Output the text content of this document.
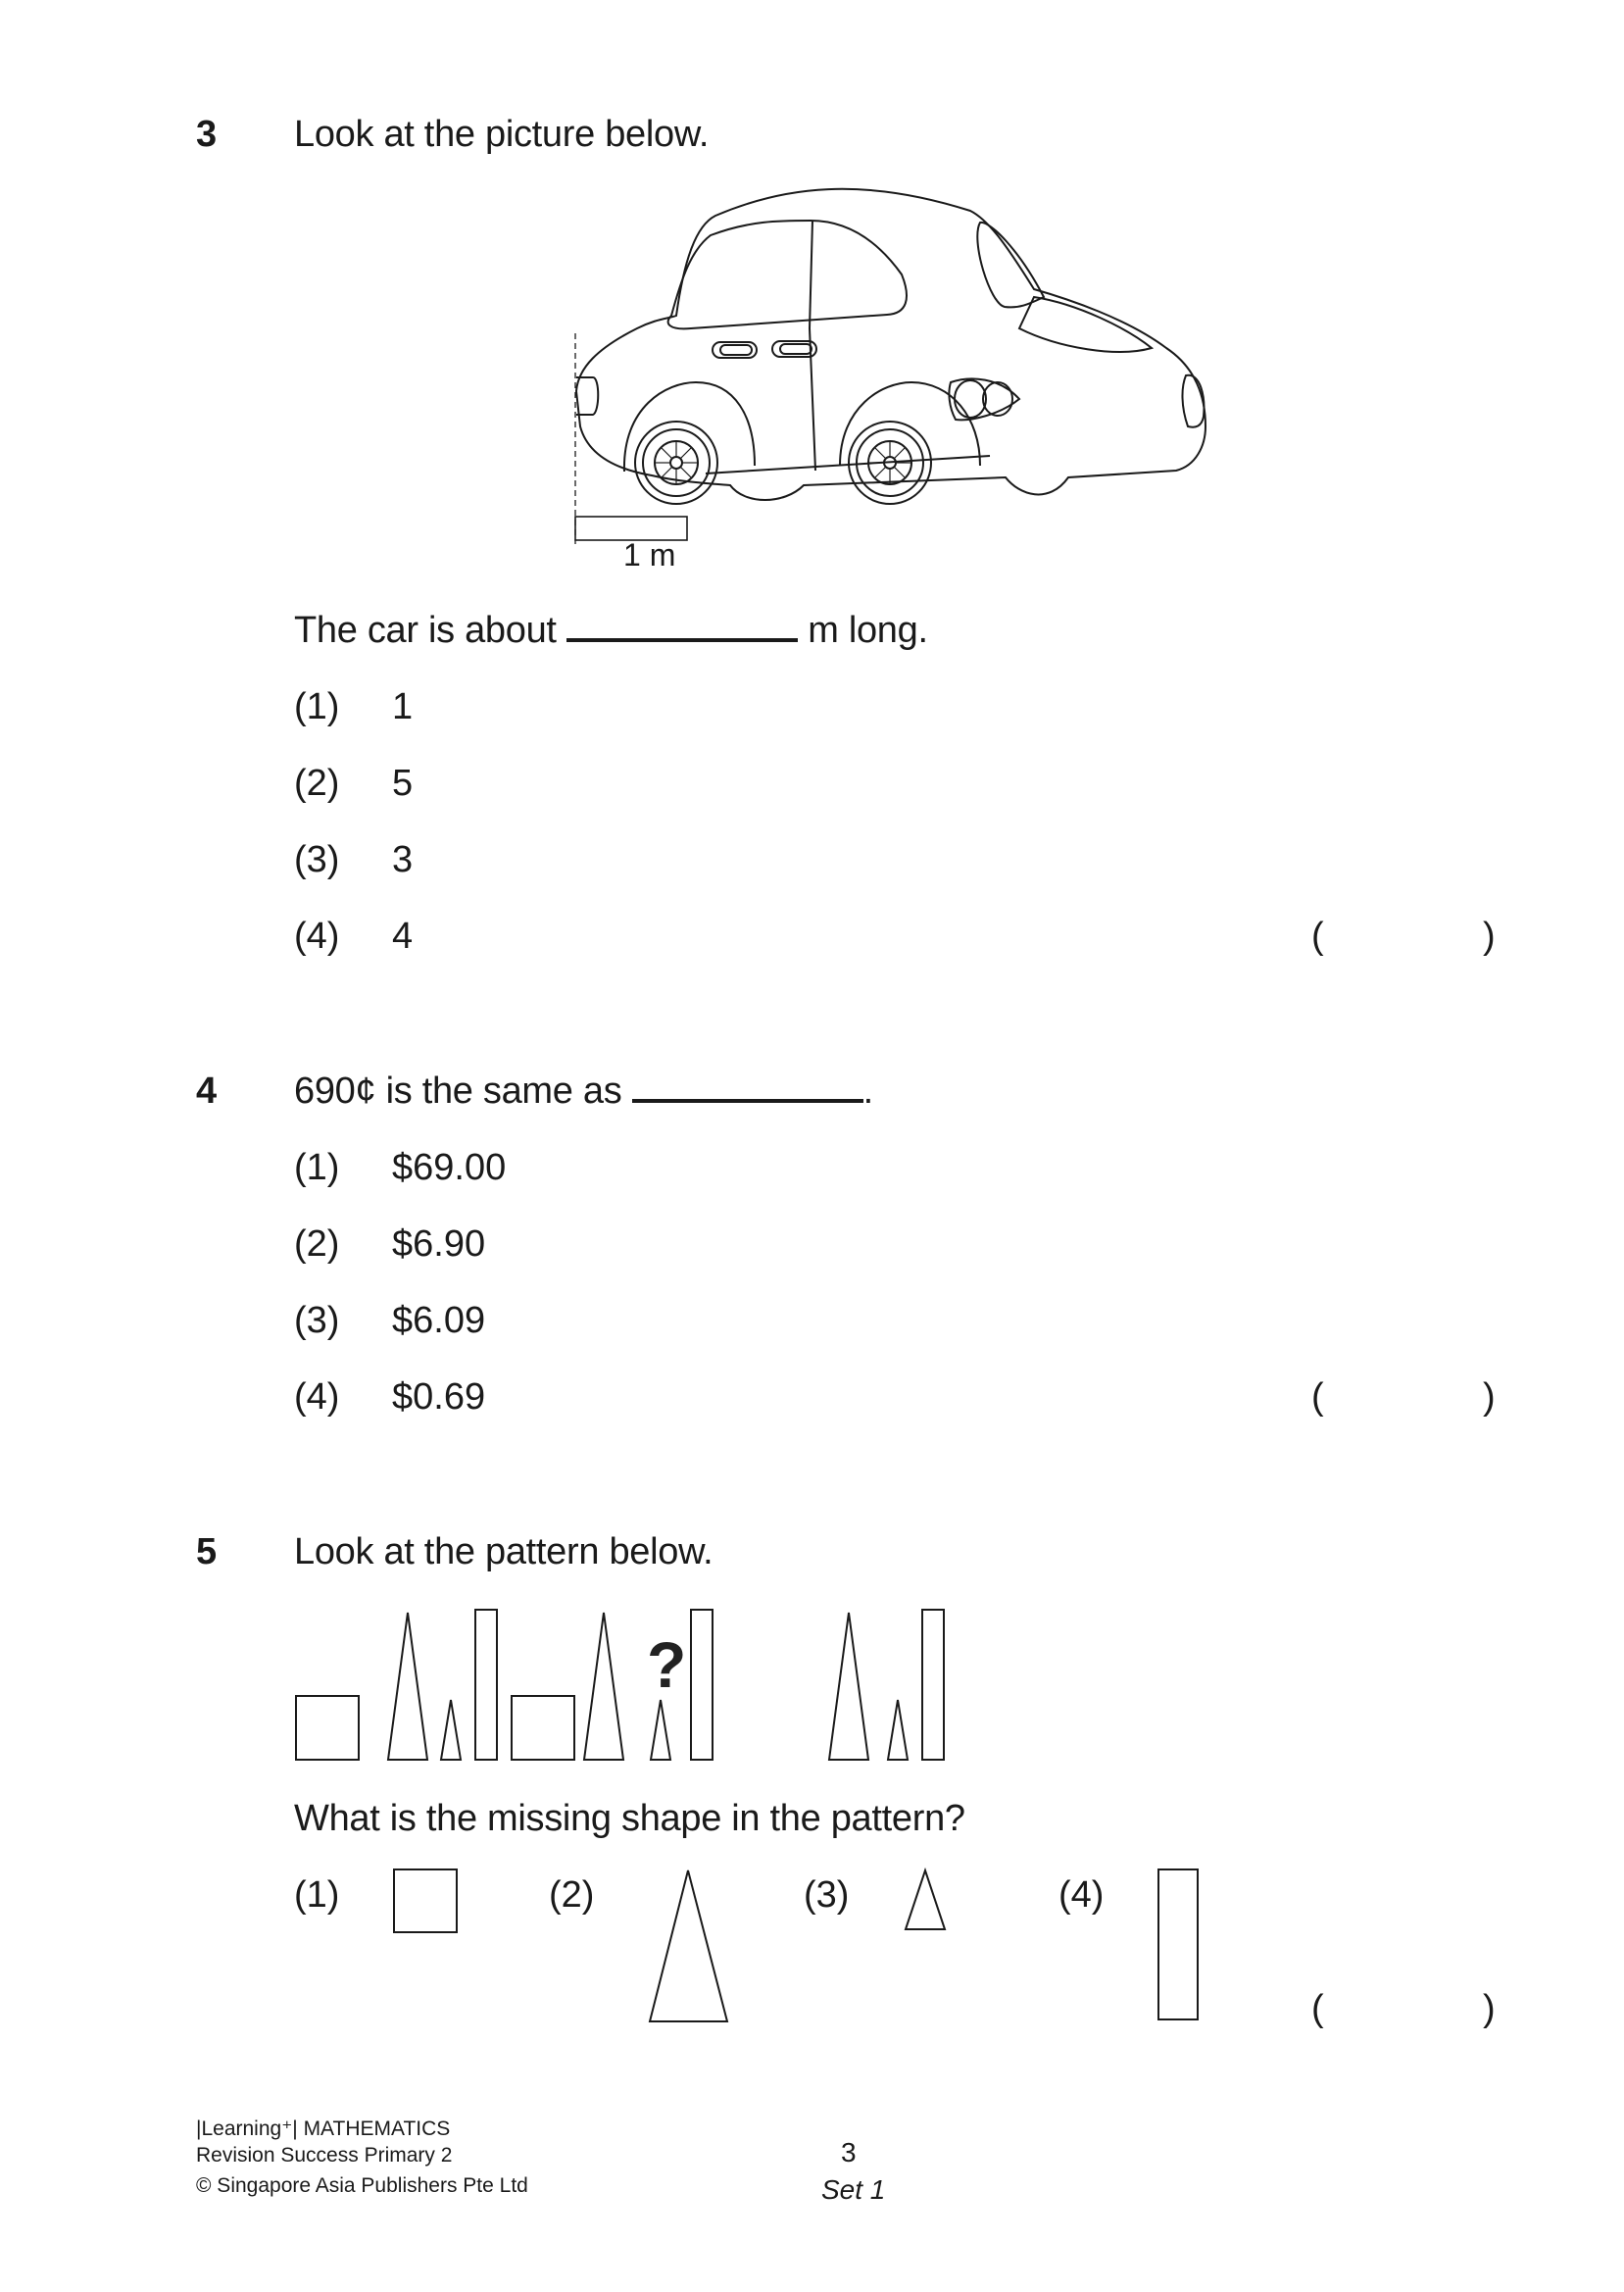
3 Look at the picture below.
1 m
The car is about	m long.
(1) 1
(2) 5
(3) 3
(4) 4	(	)
4 690¢ is the same as	.
(1) $69.00
(2) $6.90
(3) $6.09
(4) $0.69	(	)
5 Look at the pattern below.
?
What is the missing shape in the pattern?
(1)	(2)	(3)	(4)
(	)
|Learning⁺| MATHEMATICS
Revision Success Primary 2
© Singapore Asia Publishers Pte Ltd
3
Set 1
